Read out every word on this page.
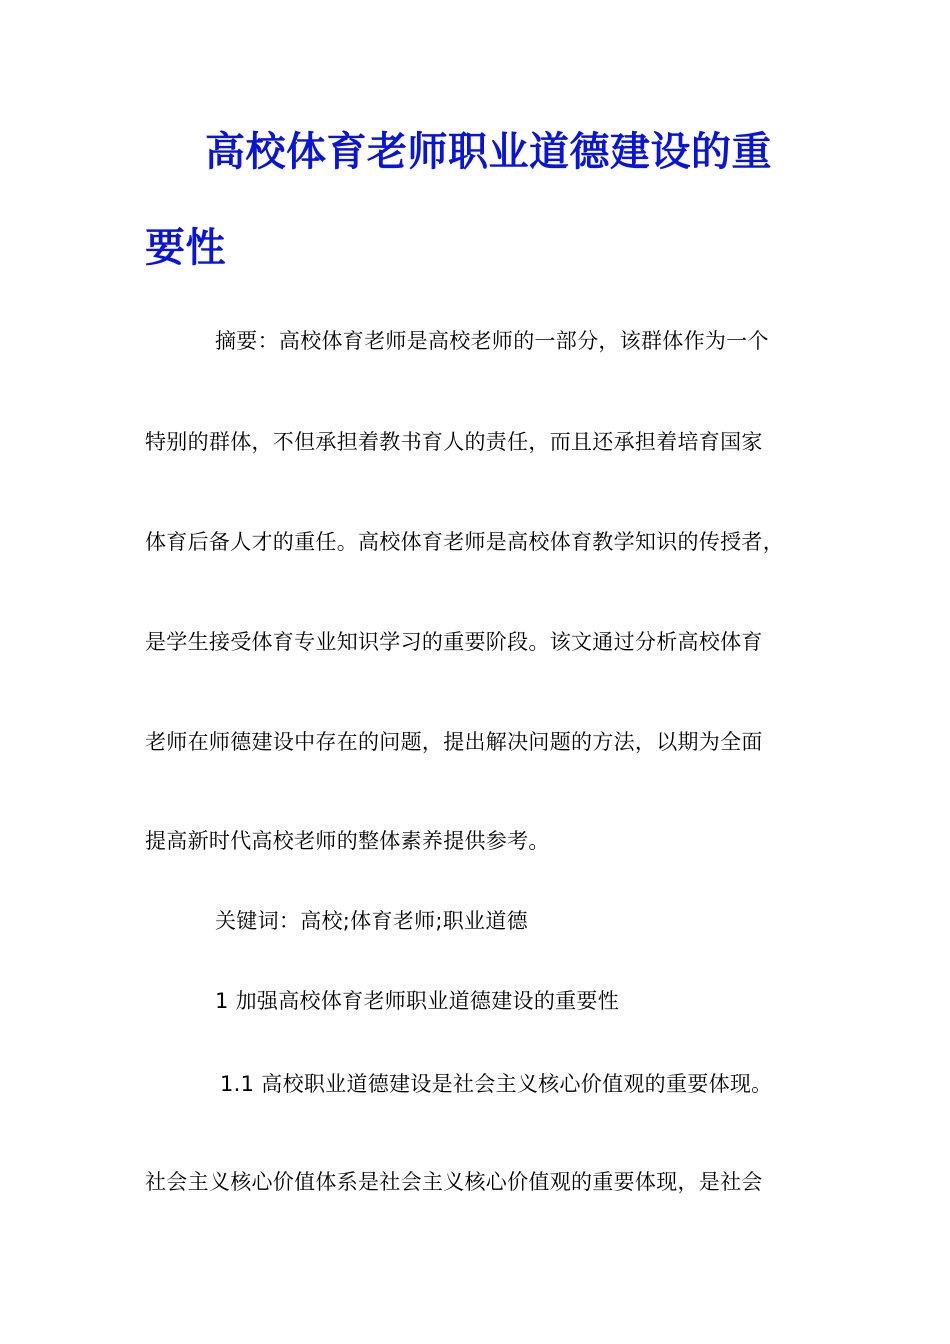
高校体育老师职业道德建设的重
要性
摘要：高校体育老师是高校老师的一部分，该群体作为一个
特别的群体，不但承担着教书育人的责任，而且还承担着培育国家
体育后备人才的重任。高校体育老师是高校体育教学知识的传授者，
是学生接受体育专业知识学习的重要阶段。该文通过分析高校体育
老师在师德建设中存在的问题，提出解决问题的方法，以期为全面
提高新时代高校老师的整体素养提供参考。
关键词：高校;体育老师;职业道德
1 加强高校体育老师职业道德建设的重要性
1.1 高校职业道德建设是社会主义核心价值观的重要体现。
社会主义核心价值体系是社会主义核心价值观的重要体现，是社会
